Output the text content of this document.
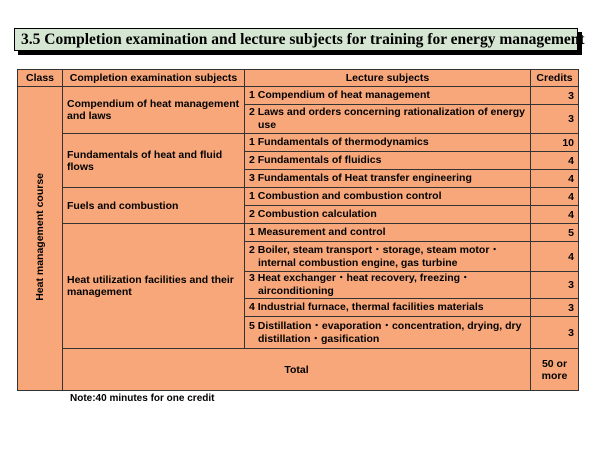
3.5 Completion examination and lecture subjects for training for energy management
Class	Completion examination subjects	Lecture subjects	Credits
Heat management course	Compendium of heat management and laws	1 Compendium of heat management	3

		2 Laws and orders concerning rationalization of energy use	3
	Fundamentals of heat and fluid flows	1 Fundamentals of thermodynamics	10

		2 Fundamentals of fluidics	4

		3 Fundamentals of Heat transfer engineering	4
	Fuels and combustion	1 Combustion and combustion control	4

		2 Combustion calculation	4
	Heat utilization facilities and their management	1 Measurement and control	5

		2 Boiler, steam transport・storage, steam motor・internal combustion engine, gas turbine	4

		3 Heat exchanger・heat recovery, freezing・airconditioning	3

		4 Industrial furnace, thermal facilities materials	3

		5 Distillation・evaporation・concentration, drying, dry distillation・gasification	3
	Total		50 or more
Note:40 minutes for one credit
